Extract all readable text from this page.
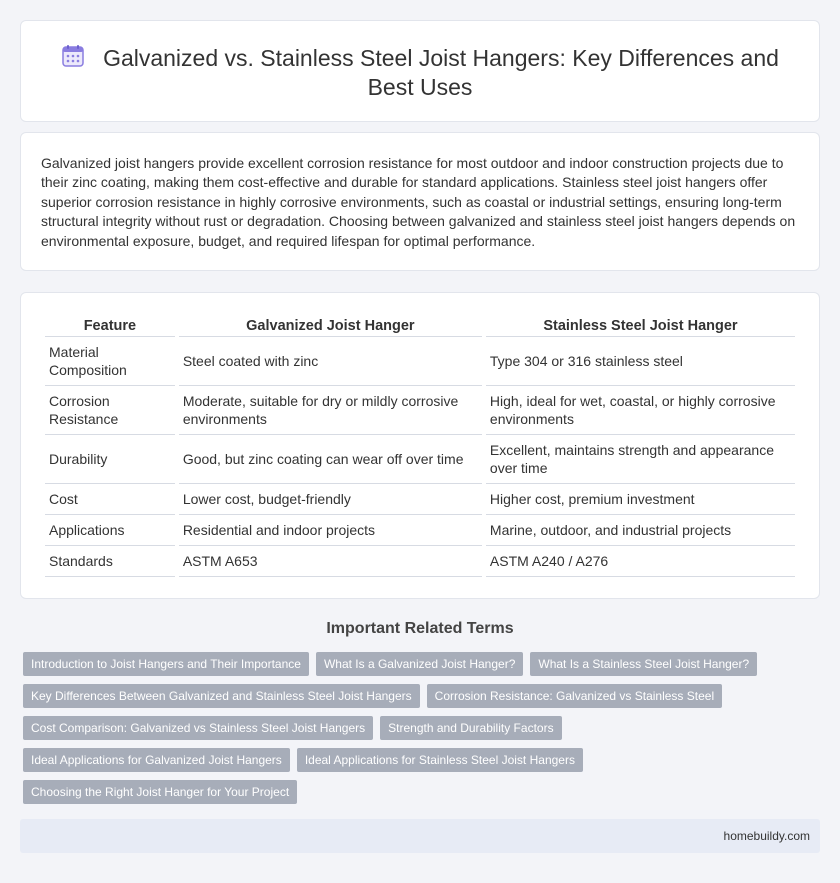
Galvanized vs. Stainless Steel Joist Hangers: Key Differences and Best Uses

Galvanized joist hangers provide excellent corrosion resistance for most outdoor and indoor construction projects due to their zinc coating, making them cost-effective and durable for standard applications. Stainless steel joist hangers offer superior corrosion resistance in highly corrosive environments, such as coastal or industrial settings, ensuring long-term structural integrity without rust or degradation. Choosing between galvanized and stainless steel joist hangers depends on environmental exposure, budget, and required lifespan for optimal performance.

Feature	Galvanized Joist Hanger	Stainless Steel Joist Hanger
Material Composition	Steel coated with zinc	Type 304 or 316 stainless steel
Corrosion Resistance	Moderate, suitable for dry or mildly corrosive environments	High, ideal for wet, coastal, or highly corrosive environments
Durability	Good, but zinc coating can wear off over time	Excellent, maintains strength and appearance over time
Cost	Lower cost, budget-friendly	Higher cost, premium investment
Applications	Residential and indoor projects	Marine, outdoor, and industrial projects
Standards	ASTM A653	ASTM A240 / A276
Important Related Terms
Introduction to Joist Hangers and Their Importance	What Is a Galvanized Joist Hanger?	What Is a Stainless Steel Joist Hanger?
Key Differences Between Galvanized and Stainless Steel Joist Hangers	Corrosion Resistance: Galvanized vs Stainless Steel
Cost Comparison: Galvanized vs Stainless Steel Joist Hangers	Strength and Durability Factors
Ideal Applications for Galvanized Joist Hangers	Ideal Applications for Stainless Steel Joist Hangers
Choosing the Right Joist Hanger for Your Project
homebuildy.com
